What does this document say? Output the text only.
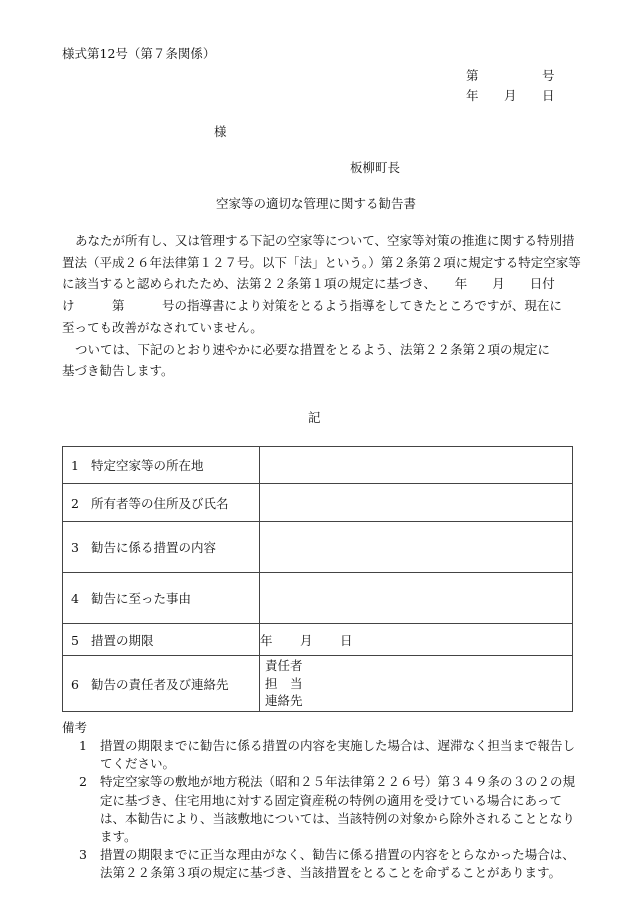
様式第12号（第７条関係）
第	号
年 月 日
様
板柳町長
空家等の適切な管理に関する勧告書

あなたが所有し、又は管理する下記の空家等について、空家等対策の推進に関する特別措

置法（平成２６年法律第１２７号。以下「法」という。）第２条第２項に規定する特定空家等

に該当すると認められたため、法第２２条第１項の規定に基づき、　　年　　月　　日付

け　　　第　　　号の指導書により対策をとるよう指導をしてきたところですが、現在に

至っても改善がなされていません。

ついては、下記のとおり速やかに必要な措置をとるよう、法第２２条第２項の規定に

基づき勧告します。

記
1 特定空家等の所在地	
2 所有者等の住所及び氏名	
3 勧告に係る措置の内容	
4 勧告に至った事由	
5 措置の期限	年 月 日
6 勧告の責任者及び連絡先	責任者
担　当
連絡先
備考
1	措置の期限までに勧告に係る措置の内容を実施した場合は、遅滞なく担当まで報告してください。
2	特定空家等の敷地が地方税法（昭和２５年法律第２２６号）第３４９条の３の２の規定に基づき、住宅用地に対する固定資産税の特例の適用を受けている場合にあっては、本勧告により、当該敷地については、当該特例の対象から除外されることとなります。
3	措置の期限までに正当な理由がなく、勧告に係る措置の内容をとらなかった場合は、法第２２条第３項の規定に基づき、当該措置をとることを命ずることがあります。
